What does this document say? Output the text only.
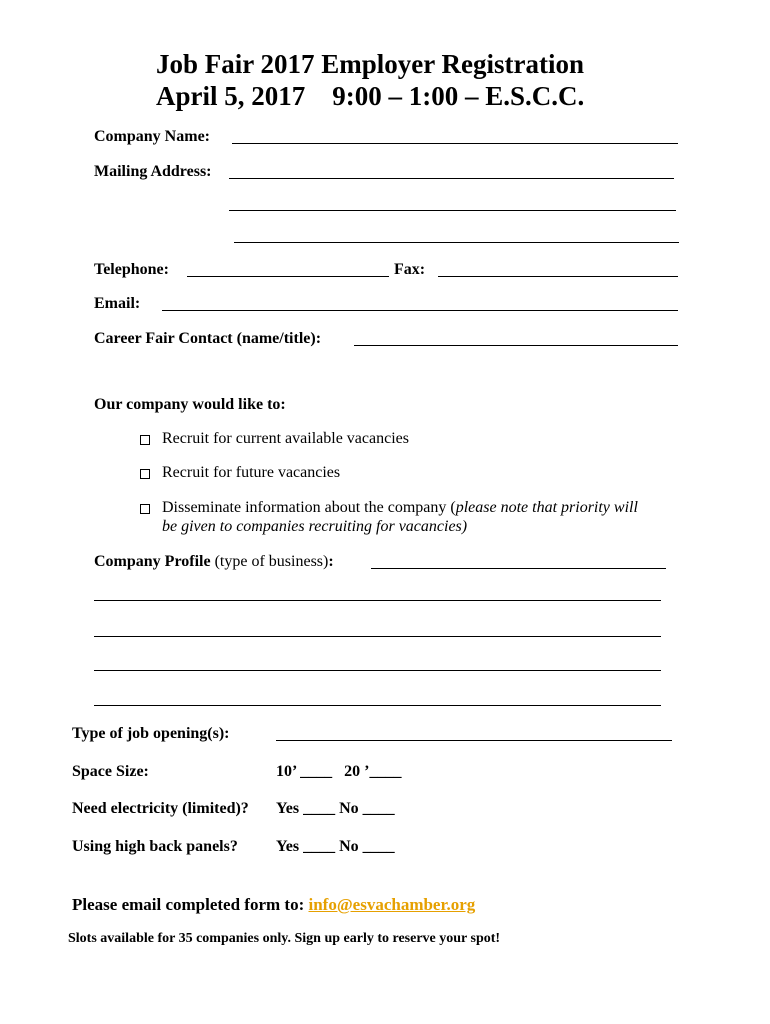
Job Fair 2017 Employer Registration
April 5, 2017    9:00 – 1:00 – E.S.C.C.
Company Name:
Mailing Address:
Telephone:	Fax:
Email:
Career Fair Contact (name/title):
Our company would like to:
Recruit for current available vacancies
Recruit for future vacancies
Disseminate information about the company (please note that priority will
be given to companies recruiting for vacancies)
Company Profile (type of business):
Type of job opening(s):
Space Size:	10’ ____   20 ’____
Need electricity (limited)? Yes ____ No ____
Using high back panels? Yes ____ No ____
Please email completed form to: info@esvachamber.org
Slots available for 35 companies only. Sign up early to reserve your spot!
